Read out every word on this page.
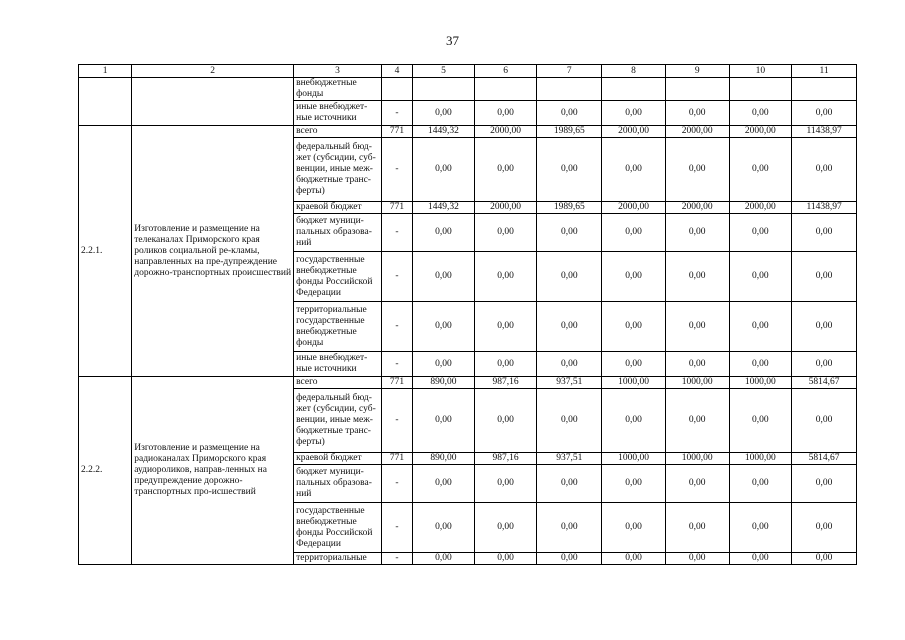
37
1	2	3	4	5	6	7	8	9	10	11
		внебюджетные фонды								
		иные внебюджет-ные источники	-	0,00	0,00	0,00	0,00	0,00	0,00	0,00
2.2.1.	Изготовление и размещение на телеканалах Приморского края роликов социальной ре-кламы, направленных на пре-дупреждение дорожно-транспортных происшествий	всего	771	1449,32	2000,00	1989,65	2000,00	2000,00	2000,00	11438,97
		федеральный бюд-жет (субсидии, суб-венции, иные меж-бюджетные транс-ферты)	-	0,00	0,00	0,00	0,00	0,00	0,00	0,00
		краевой бюджет	771	1449,32	2000,00	1989,65	2000,00	2000,00	2000,00	11438,97
		бюджет муници-пальных образова-ний	-	0,00	0,00	0,00	0,00	0,00	0,00	0,00
		государственные внебюджетные фонды Российской Федерации	-	0,00	0,00	0,00	0,00	0,00	0,00	0,00
		территориальные государственные внебюджетные фонды	-	0,00	0,00	0,00	0,00	0,00	0,00	0,00
		иные внебюджет-ные источники	-	0,00	0,00	0,00	0,00	0,00	0,00	0,00
2.2.2.	Изготовление и размещение на радиоканалах Приморского края аудиороликов, направ-ленных на предупреждение дорожно-транспортных про-исшествий	всего	771	890,00	987,16	937,51	1000,00	1000,00	1000,00	5814,67
		федеральный бюд-жет (субсидии, суб-венции, иные меж-бюджетные транс-ферты)	-	0,00	0,00	0,00	0,00	0,00	0,00	0,00
		краевой бюджет	771	890,00	987,16	937,51	1000,00	1000,00	1000,00	5814,67
		бюджет муници-пальных образова-ний	-	0,00	0,00	0,00	0,00	0,00	0,00	0,00
		государственные внебюджетные фонды Российской Федерации	-	0,00	0,00	0,00	0,00	0,00	0,00	0,00
		территориальные	-	0,00	0,00	0,00	0,00	0,00	0,00	0,00
